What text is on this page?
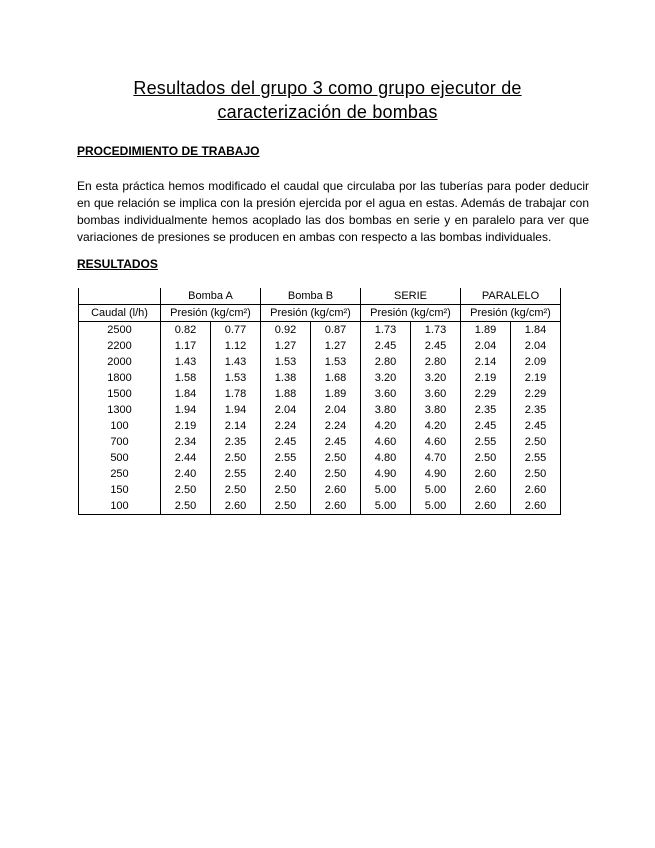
Resultados del grupo 3 como grupo ejecutor de
caracterización de bombas
PROCEDIMIENTO DE TRABAJO
En esta práctica hemos modificado el caudal que circulaba por las tuberías para poder deducir en que relación se implica con la presión ejercida por el agua en estas. Además de trabajar con bombas individualmente hemos acoplado las dos bombas en serie y en paralelo para ver que variaciones de presiones se producen en ambas con respecto a las bombas individuales.
RESULTADOS
	Bomba A		Bomba B		SERIE		PARALELO	
Caudal (l/h)	Presión (kg/cm²)		Presión (kg/cm²)		Presión (kg/cm²)		Presión (kg/cm²)	
2500	0.82	0.77	0.92	0.87	1.73	1.73	1.89	1.84
2200	1.17	1.12	1.27	1.27	2.45	2.45	2.04	2.04
2000	1.43	1.43	1.53	1.53	2.80	2.80	2.14	2.09
1800	1.58	1.53	1.38	1.68	3.20	3.20	2.19	2.19
1500	1.84	1.78	1.88	1.89	3.60	3.60	2.29	2.29
1300	1.94	1.94	2.04	2.04	3.80	3.80	2.35	2.35
100	2.19	2.14	2.24	2.24	4.20	4.20	2.45	2.45
700	2.34	2.35	2.45	2.45	4.60	4.60	2.55	2.50
500	2.44	2.50	2.55	2.50	4.80	4.70	2.50	2.55
250	2.40	2.55	2.40	2.50	4.90	4.90	2.60	2.50
150	2.50	2.50	2.50	2.60	5.00	5.00	2.60	2.60
100	2.50	2.60	2.50	2.60	5.00	5.00	2.60	2.60
